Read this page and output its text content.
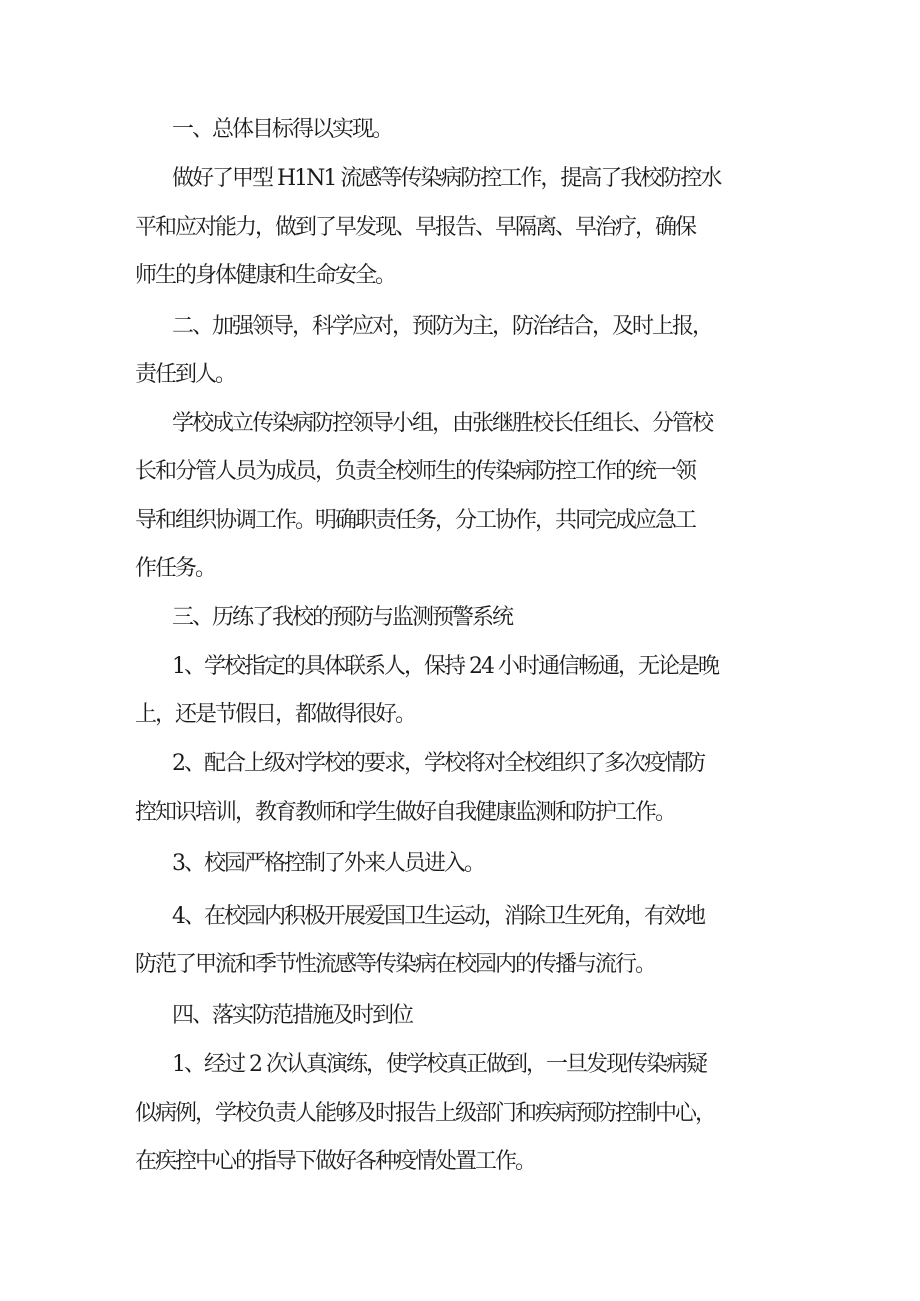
一、总体目标得以实现。
做好了甲型 H1N1 流感等传染病防控工作，提高了我校防控水
平和应对能力，做到了早发现、早报告、早隔离、早治疗，确保
师生的身体健康和生命安全。
二、加强领导，科学应对，预防为主，防治结合，及时上报，
责任到人。
学校成立传染病防控领导小组，由张继胜校长任组长、分管校
长和分管人员为成员，负责全校师生的传染病防控工作的统一领
导和组织协调工作。明确职责任务，分工协作，共同完成应急工
作任务。
三、历练了我校的预防与监测预警系统
1、学校指定的具体联系人，保持 24 小时通信畅通，无论是晚
上，还是节假日，都做得很好。
2、配合上级对学校的要求，学校将对全校组织了多次疫情防
控知识培训，教育教师和学生做好自我健康监测和防护工作。
3、校园严格控制了外来人员进入。
4、在校园内积极开展爱国卫生运动，消除卫生死角，有效地
防范了甲流和季节性流感等传染病在校园内的传播与流行。
四、落实防范措施及时到位
1、经过 2 次认真演练，使学校真正做到，一旦发现传染病疑
似病例，学校负责人能够及时报告上级部门和疾病预防控制中心，
在疾控中心的指导下做好各种疫情处置工作。
